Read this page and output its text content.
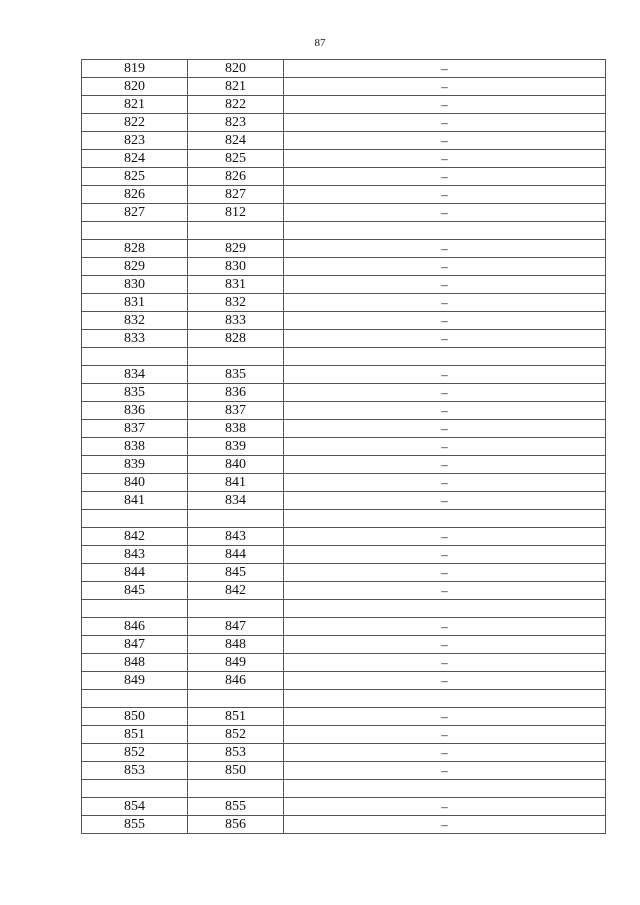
87
819	820	–
820	821	–
821	822	–
822	823	–
823	824	–
824	825	–
825	826	–
826	827	–
827	812	–

828	829	–
829	830	–
830	831	–
831	832	–
832	833	–
833	828	–

834	835	–
835	836	–
836	837	–
837	838	–
838	839	–
839	840	–
840	841	–
841	834	–

842	843	–
843	844	–
844	845	–
845	842	–

846	847	–
847	848	–
848	849	–
849	846	–

850	851	–
851	852	–
852	853	–
853	850	–

854	855	–
855	856	–
